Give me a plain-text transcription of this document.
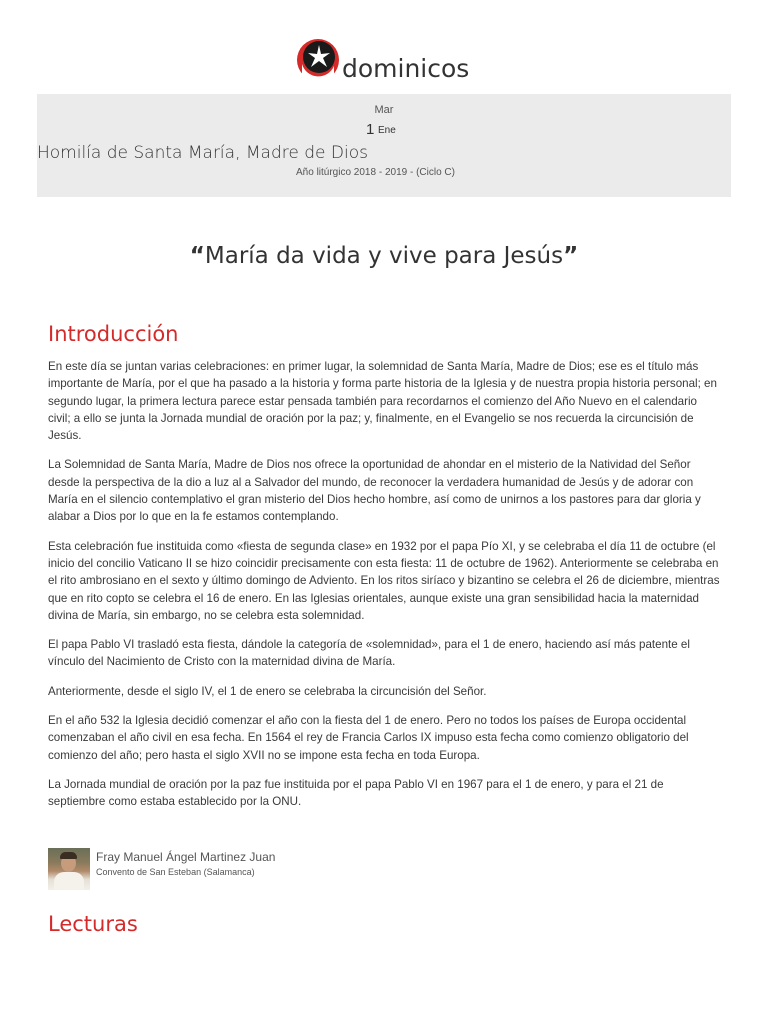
dominicos
Mar
1 Ene
Homilía de Santa María, Madre de Dios
Año litúrgico 2018 - 2019 - (Ciclo C)
“María da vida y vive para Jesús”
Introducción

En este día se juntan varias celebraciones: en primer lugar, la solemnidad de Santa María, Madre de Dios; ese es el título más importante de María, por el que ha pasado a la historia y forma parte historia de la Iglesia y de nuestra propia historia personal; en segundo lugar, la primera lectura parece estar pensada también para recordarnos el comienzo del Año Nuevo en el calendario civil; a ello se junta la Jornada mundial de oración por la paz; y, finalmente, en el Evangelio se nos recuerda la circuncisión de Jesús.

La Solemnidad de Santa María, Madre de Dios nos ofrece la oportunidad de ahondar en el misterio de la Natividad del Señor desde la perspectiva de la dio a luz al a Salvador del mundo, de reconocer la verdadera humanidad de Jesús y de adorar con María en el silencio contemplativo el gran misterio del Dios hecho hombre, así como de unirnos a los pastores para dar gloria y alabar a Dios por lo que en la fe estamos contemplando.

Esta celebración fue instituida como «fiesta de segunda clase» en 1932 por el papa Pío XI, y se celebraba el día 11 de octubre (el inicio del concilio Vaticano II se hizo coincidir precisamente con esta fiesta: 11 de octubre de 1962). Anteriormente se celebraba en el rito ambrosiano en el sexto y último domingo de Adviento. En los ritos siríaco y bizantino se celebra el 26 de diciembre, mientras que en rito copto se celebra el 16 de enero. En las Iglesias orientales, aunque existe una gran sensibilidad hacia la maternidad divina de María, sin embargo, no se celebra esta solemnidad.

El papa Pablo VI trasladó esta fiesta, dándole la categoría de «solemnidad», para el 1 de enero, haciendo así más patente el vínculo del Nacimiento de Cristo con la maternidad divina de María.

Anteriormente, desde el siglo IV, el 1 de enero se celebraba la circuncisión del Señor.

En el año 532 la Iglesia decidió comenzar el año con la fiesta del 1 de enero. Pero no todos los países de Europa occidental comenzaban el año civil en esa fecha. En 1564 el rey de Francia Carlos IX impuso esta fecha como comienzo obligatorio del comienzo del año; pero hasta el siglo XVII no se impone esta fecha en toda Europa.

La Jornada mundial de oración por la paz fue instituida por el papa Pablo VI en 1967 para el 1 de enero, y para el 21 de septiembre como estaba establecido por la ONU.

Fray Manuel Ángel Martinez Juan
Convento de San Esteban (Salamanca)
Lecturas
